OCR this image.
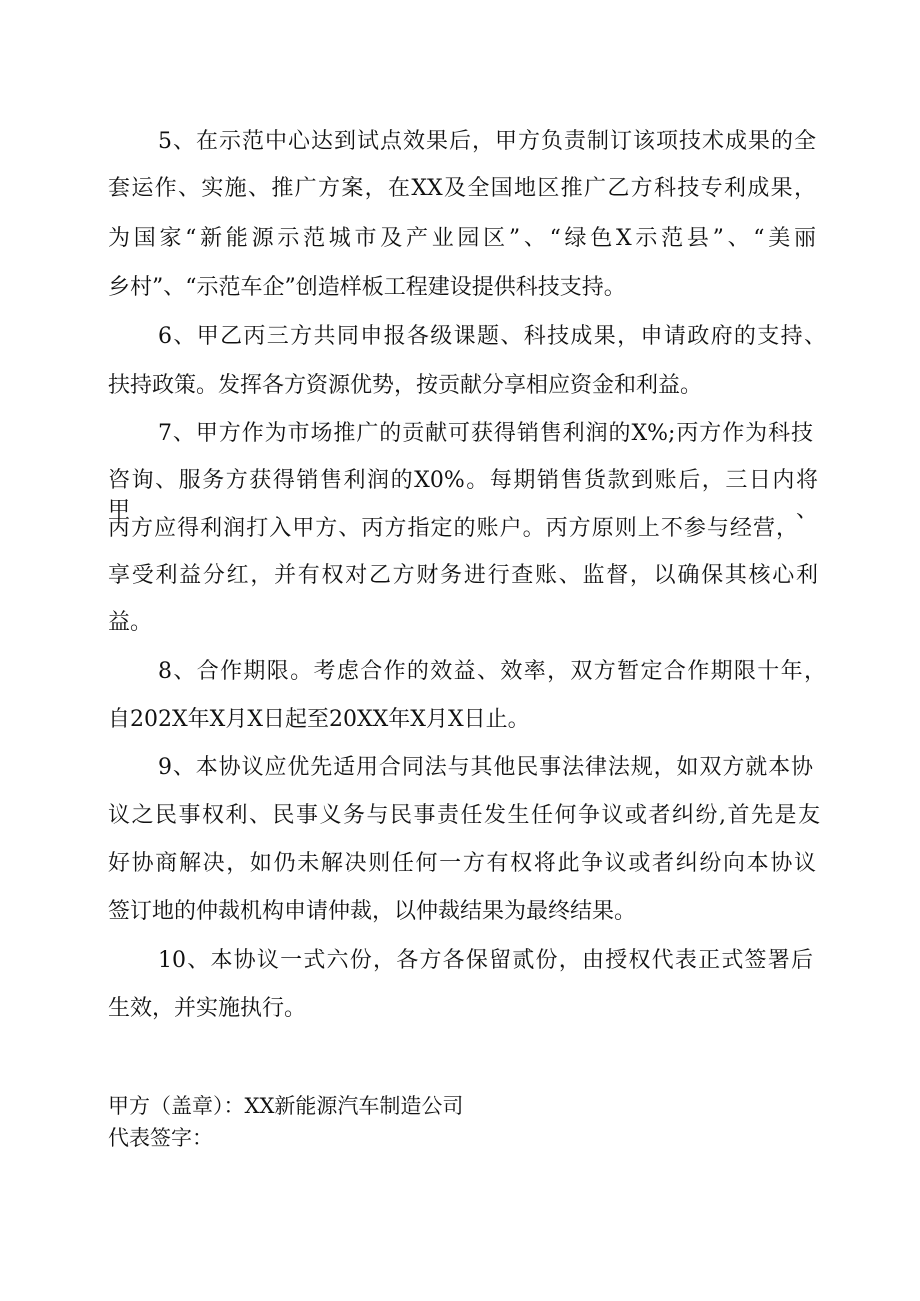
5、在示范中心达到试点效果后，甲方负责制订该项技术成果的全
套运作、实施、推广方案，在XX及全国地区推广乙方科技专利成果，
为国家“新能源示范城市及产业园区”、“绿色X示范县”、“美丽
乡村”、“示范车企”创造样板工程建设提供科技支持。
6、甲乙丙三方共同申报各级课题、科技成果，申请政府的支持、
扶持政策。发挥各方资源优势，按贡献分享相应资金和利益。
7、甲方作为市场推广的贡献可获得销售利润的X%;丙方作为科技
咨询、服务方获得销售利润的X0%。每期销售货款到账后，三日内将甲、
丙方应得利润打入甲方、丙方指定的账户。丙方原则上不参与经营，
享受利益分红，并有权对乙方财务进行查账、监督，以确保其核心利
益。
8、合作期限。考虑合作的效益、效率，双方暂定合作期限十年，
自202X年X月X日起至20XX年X月X日止。
9、本协议应优先适用合同法与其他民事法律法规，如双方就本协
议之民事权利、民事义务与民事责任发生任何争议或者纠纷,首先是友
好协商解决，如仍未解决则任何一方有权将此争议或者纠纷向本协议
签订地的仲裁机构申请仲裁，以仲裁结果为最终结果。
10、本协议一式六份，各方各保留贰份，由授权代表正式签署后
生效，并实施执行。
甲方（盖章）：XX新能源汽车制造公司
代表签字：
